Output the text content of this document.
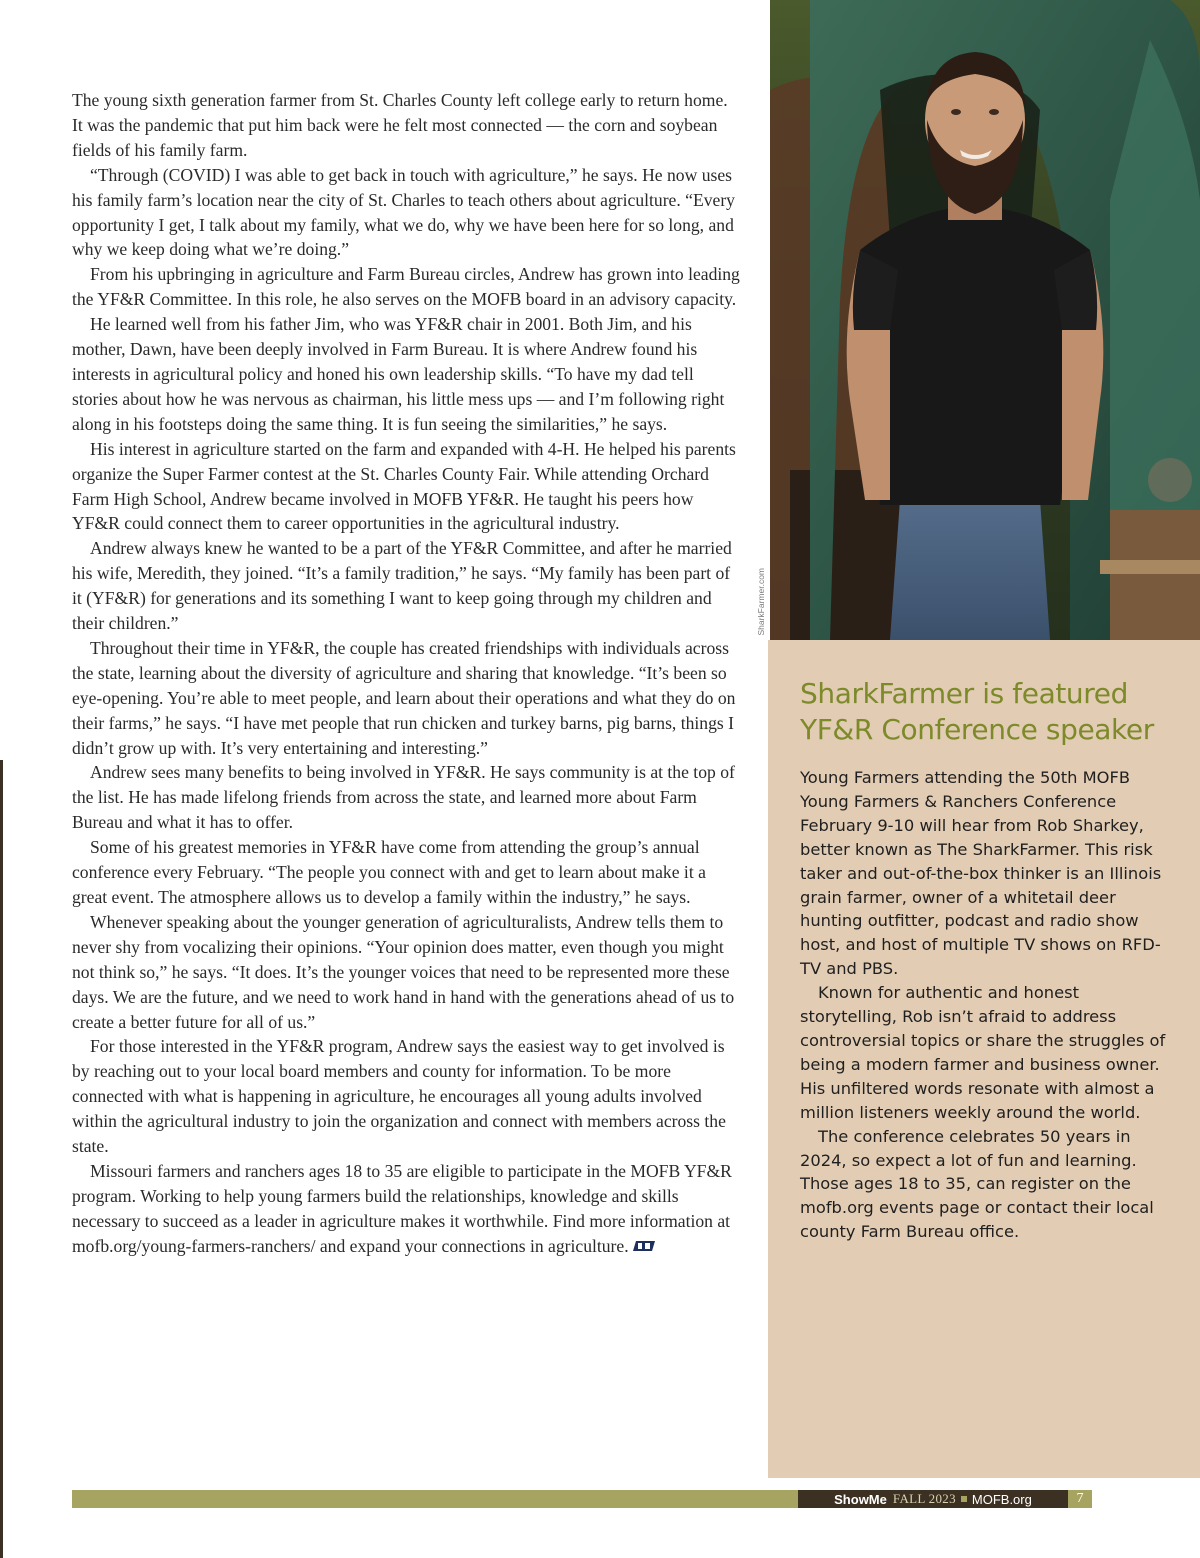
The young sixth generation farmer from St. Charles County left college early to return home. It was the pandemic that put him back were he felt most connected — the corn and soybean fields of his family farm.

“Through (COVID) I was able to get back in touch with agriculture,” he says. He now uses his family farm’s location near the city of St. Charles to teach others about agriculture. “Every opportunity I get, I talk about my family, what we do, why we have been here for so long, and why we keep doing what we’re doing.”

From his upbringing in agriculture and Farm Bureau circles, Andrew has grown into leading the YF&R Committee. In this role, he also serves on the MOFB board in an advisory capacity.

He learned well from his father Jim, who was YF&R chair in 2001. Both Jim, and his mother, Dawn, have been deeply involved in Farm Bureau. It is where Andrew found his interests in agricultural policy and honed his own leadership skills. “To have my dad tell stories about how he was nervous as chairman, his little mess ups — and I’m following right along in his footsteps doing the same thing. It is fun seeing the similarities,” he says.

His interest in agriculture started on the farm and expanded with 4-H. He helped his parents organize the Super Farmer contest at the St. Charles County Fair. While attending Orchard Farm High School, Andrew became involved in MOFB YF&R. He taught his peers how YF&R could connect them to career opportunities in the agricultural industry.

Andrew always knew he wanted to be a part of the YF&R Committee, and after he married his wife, Meredith, they joined. “It’s a family tradition,” he says. “My family has been part of it (YF&R) for generations and its something I want to keep going through my children and their children.”

Throughout their time in YF&R, the couple has created friendships with individuals across the state, learning about the diversity of agriculture and sharing that knowledge. “It’s been so eye-opening. You’re able to meet people, and learn about their operations and what they do on their farms,” he says. “I have met people that run chicken and turkey barns, pig barns, things I didn’t grow up with. It’s very entertaining and interesting.”

Andrew sees many benefits to being involved in YF&R. He says community is at the top of the list. He has made lifelong friends from across the state, and learned more about Farm Bureau and what it has to offer.

Some of his greatest memories in YF&R have come from attending the group’s annual conference every February. “The people you connect with and get to learn about make it a great event. The atmosphere allows us to develop a family within the industry,” he says.

Whenever speaking about the younger generation of agriculturalists, Andrew tells them to never shy from vocalizing their opinions. “Your opinion does matter, even though you might not think so,” he says. “It does. It’s the younger voices that need to be represented more these days. We are the future, and we need to work hand in hand with the generations ahead of us to create a better future for all of us.”

For those interested in the YF&R program, Andrew says the easiest way to get involved is by reaching out to your local board members and county for information. To be more connected with what is happening in agriculture, he encourages all young adults involved within the agricultural industry to join the organization and connect with members across the state.

Missouri farmers and ranchers ages 18 to 35 are eligible to participate in the MOFB YF&R program. Working to help young farmers build the relationships, knowledge and skills necessary to succeed as a leader in agriculture makes it worthwhile. Find more information at mofb.org/young-farmers-ranchers/ and expand your connections in agriculture.

SharkFarmer.com
SharkFarmer is featured YF&R Conference speaker

Young Farmers attending the 50th MOFB Young Farmers & Ranchers Conference February 9-10 will hear from Rob Sharkey, better known as The SharkFarmer. This risk taker and out-of-the-box thinker is an Illinois grain farmer, owner of a whitetail deer hunting outfitter, podcast and radio show host, and host of multiple TV shows on RFD-TV and PBS.

Known for authentic and honest storytelling, Rob isn’t afraid to address controversial topics or share the struggles of being a modern farmer and business owner. His unfiltered words resonate with almost a million listeners weekly around the world.

The conference celebrates 50 years in 2024, so expect a lot of fun and learning. Those ages 18 to 35, can register on the mofb.org events page or contact their local county Farm Bureau office.

ShowMe FALL 2023 MOFB.org	7
